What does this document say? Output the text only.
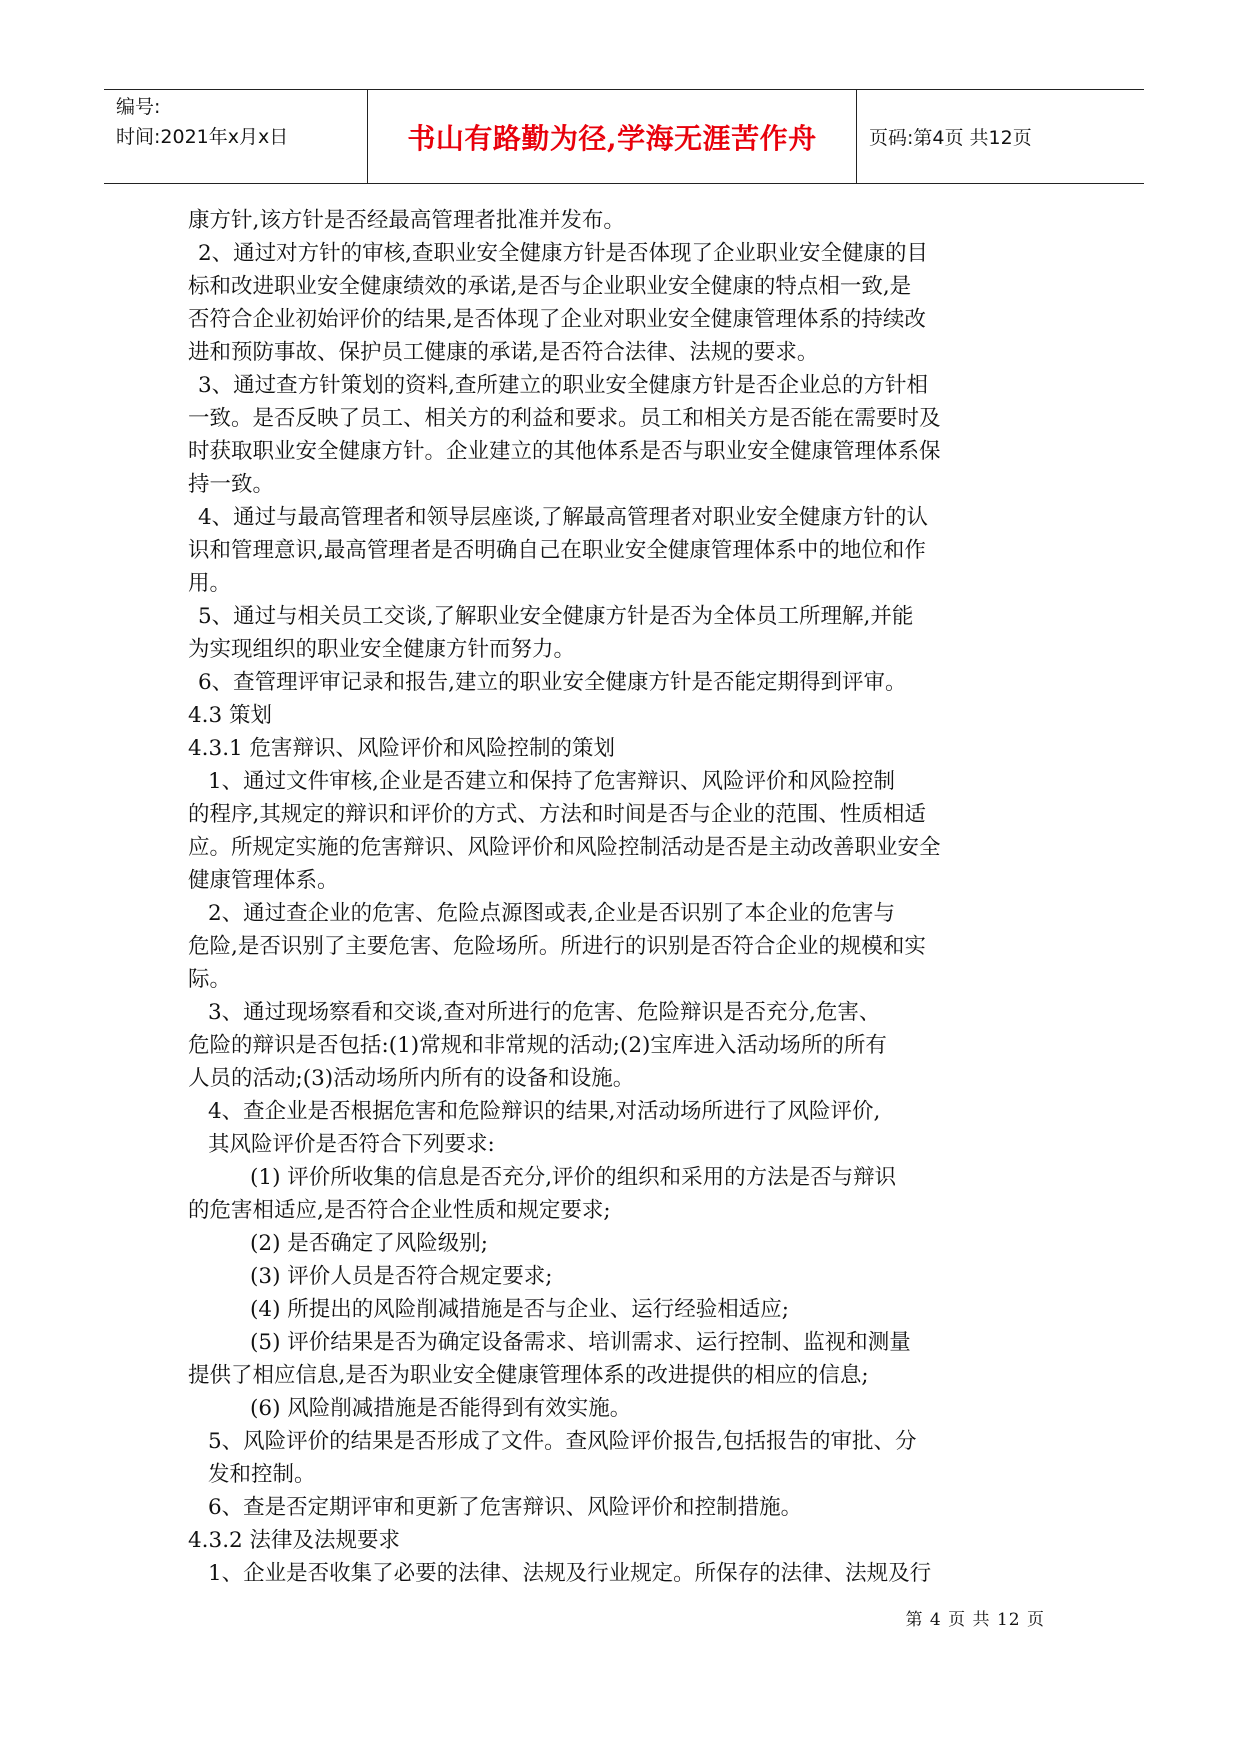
编号:
时间:2021年x月x日	书山有路勤为径,学海无涯苦作舟	页码:第4页 共12页
康方针,该方针是否经最高管理者批准并发布。
2、通过对方针的审核,查职业安全健康方针是否体现了企业职业安全健康的目
标和改进职业安全健康绩效的承诺,是否与企业职业安全健康的特点相一致,是
否符合企业初始评价的结果,是否体现了企业对职业安全健康管理体系的持续改
进和预防事故、保护员工健康的承诺,是否符合法律、法规的要求。
3、通过查方针策划的资料,查所建立的职业安全健康方针是否企业总的方针相
一致。是否反映了员工、相关方的利益和要求。员工和相关方是否能在需要时及
时获取职业安全健康方针。企业建立的其他体系是否与职业安全健康管理体系保
持一致。
4、通过与最高管理者和领导层座谈,了解最高管理者对职业安全健康方针的认
识和管理意识,最高管理者是否明确自己在职业安全健康管理体系中的地位和作
用。
5、通过与相关员工交谈,了解职业安全健康方针是否为全体员工所理解,并能
为实现组织的职业安全健康方针而努力。
6、查管理评审记录和报告,建立的职业安全健康方针是否能定期得到评审。
4.3 策划
4.3.1 危害辩识、风险评价和风险控制的策划
1、通过文件审核,企业是否建立和保持了危害辩识、风险评价和风险控制
的程序,其规定的辩识和评价的方式、方法和时间是否与企业的范围、性质相适
应。所规定实施的危害辩识、风险评价和风险控制活动是否是主动改善职业安全
健康管理体系。
2、通过查企业的危害、危险点源图或表,企业是否识别了本企业的危害与
危险,是否识别了主要危害、危险场所。所进行的识别是否符合企业的规模和实
际。
3、通过现场察看和交谈,查对所进行的危害、危险辩识是否充分,危害、
危险的辩识是否包括:(1)常规和非常规的活动;(2)宝库进入活动场所的所有
人员的活动;(3)活动场所内所有的设备和设施。
4、查企业是否根据危害和危险辩识的结果,对活动场所进行了风险评价,
其风险评价是否符合下列要求:
(1) 评价所收集的信息是否充分,评价的组织和采用的方法是否与辩识
的危害相适应,是否符合企业性质和规定要求;
(2) 是否确定了风险级别;
(3) 评价人员是否符合规定要求;
(4) 所提出的风险削减措施是否与企业、运行经验相适应;
(5) 评价结果是否为确定设备需求、培训需求、运行控制、监视和测量
提供了相应信息,是否为职业安全健康管理体系的改进提供的相应的信息;
(6) 风险削减措施是否能得到有效实施。
5、风险评价的结果是否形成了文件。查风险评价报告,包括报告的审批、分
发和控制。
6、查是否定期评审和更新了危害辩识、风险评价和控制措施。
4.3.2 法律及法规要求
1、企业是否收集了必要的法律、法规及行业规定。所保存的法律、法规及行
第 4 页 共 12 页
